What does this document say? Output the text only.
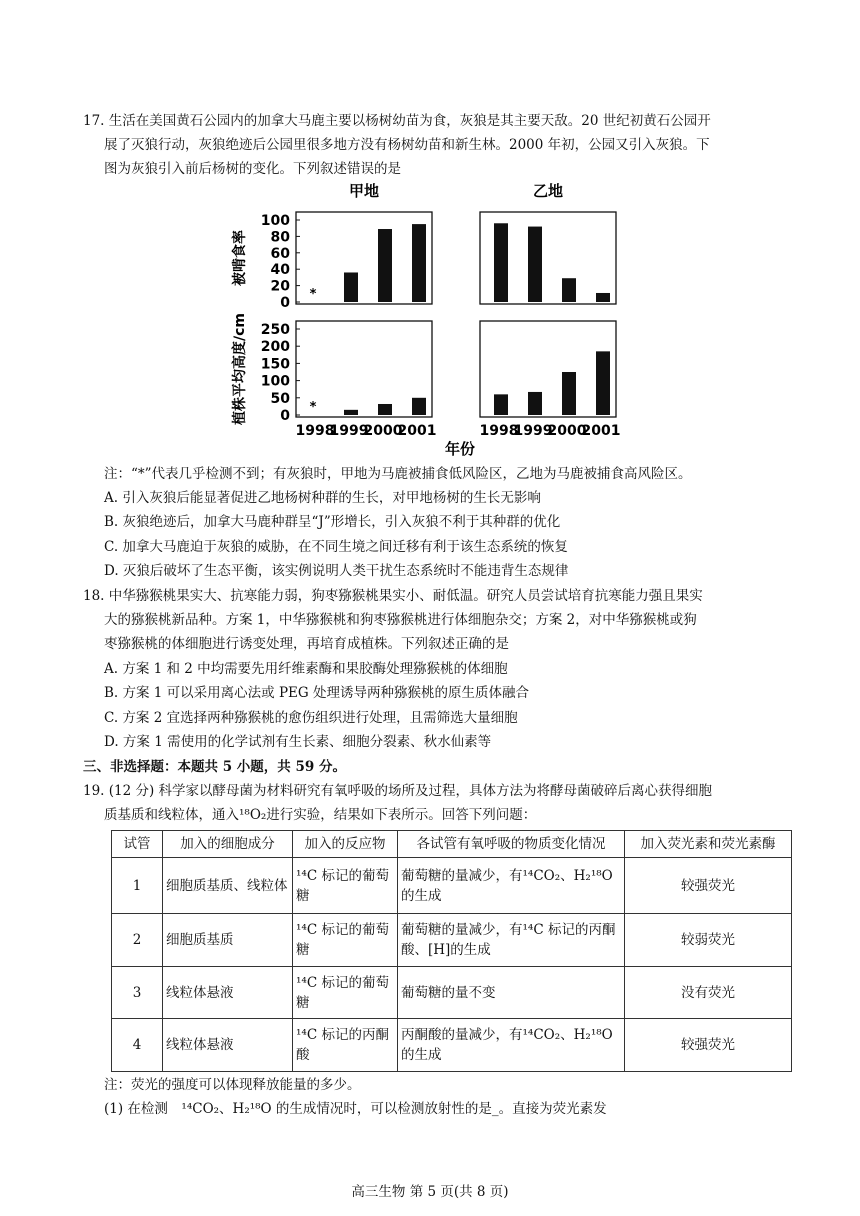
17. 生活在美国黄石公园内的加拿大马鹿主要以杨树幼苗为食，灰狼是其主要天敌。20 世纪初黄石公园开
展了灭狼行动，灰狼绝迹后公园里很多地方没有杨树幼苗和新生林。2000 年初，公园又引入灰狼。下
图为灰狼引入前后杨树的变化。下列叙述错误的是
甲地
0
20
40
60
80
100
被啃食率
*
0
50
100
150
200
250
植株平均高度/cm	*
1998
1999
2000
2001
乙地
1998
1999
2000
2001
年份
注：“*”代表几乎检测不到；有灰狼时，甲地为马鹿被捕食低风险区，乙地为马鹿被捕食高风险区。
A. 引入灰狼后能显著促进乙地杨树种群的生长，对甲地杨树的生长无影响
B. 灰狼绝迹后，加拿大马鹿种群呈“J”形增长，引入灰狼不利于其种群的优化
C. 加拿大马鹿迫于灰狼的威胁，在不同生境之间迁移有利于该生态系统的恢复
D. 灭狼后破坏了生态平衡，该实例说明人类干扰生态系统时不能违背生态规律
18. 中华猕猴桃果实大、抗寒能力弱，狗枣猕猴桃果实小、耐低温。研究人员尝试培育抗寒能力强且果实
大的猕猴桃新品种。方案 1，中华猕猴桃和狗枣猕猴桃进行体细胞杂交；方案 2，对中华猕猴桃或狗
枣猕猴桃的体细胞进行诱变处理，再培育成植株。下列叙述正确的是
A. 方案 1 和 2 中均需要先用纤维素酶和果胶酶处理猕猴桃的体细胞
B. 方案 1 可以采用离心法或 PEG 处理诱导两种猕猴桃的原生质体融合
C. 方案 2 宜选择两种猕猴桃的愈伤组织进行处理，且需筛选大量细胞
D. 方案 1 需使用的化学试剂有生长素、细胞分裂素、秋水仙素等
三、非选择题：本题共 5 小题，共 59 分。
19. (12 分) 科学家以酵母菌为材料研究有氧呼吸的场所及过程，具体方法为将酵母菌破碎后离心获得细胞
质基质和线粒体，通入¹⁸O₂进行实验，结果如下表所示。回答下列问题：
试管	加入的细胞成分	加入的反应物	各试管有氧呼吸的物质变化情况	加入荧光素和荧光素酶
1	细胞质基质、线粒体	¹⁴C 标记的葡萄糖	葡萄糖的量减少，有¹⁴CO₂、H₂¹⁸O 的生成	较强荧光
2	细胞质基质	¹⁴C 标记的葡萄糖	葡萄糖的量减少，有¹⁴C 标记的丙酮酸、[H]的生成	较弱荧光
3	线粒体悬液	¹⁴C 标记的葡萄糖	葡萄糖的量不变	没有荧光
4	线粒体悬液	¹⁴C 标记的丙酮酸	丙酮酸的量减少，有¹⁴CO₂、H₂¹⁸O 的生成	较强荧光
注：荧光的强度可以体现释放能量的多少。
(1) 在检测　¹⁴CO₂、H₂¹⁸O 的生成情况时，可以检测放射性的是_。直接为荧光素发
高三生物 第 5 页(共 8 页)
